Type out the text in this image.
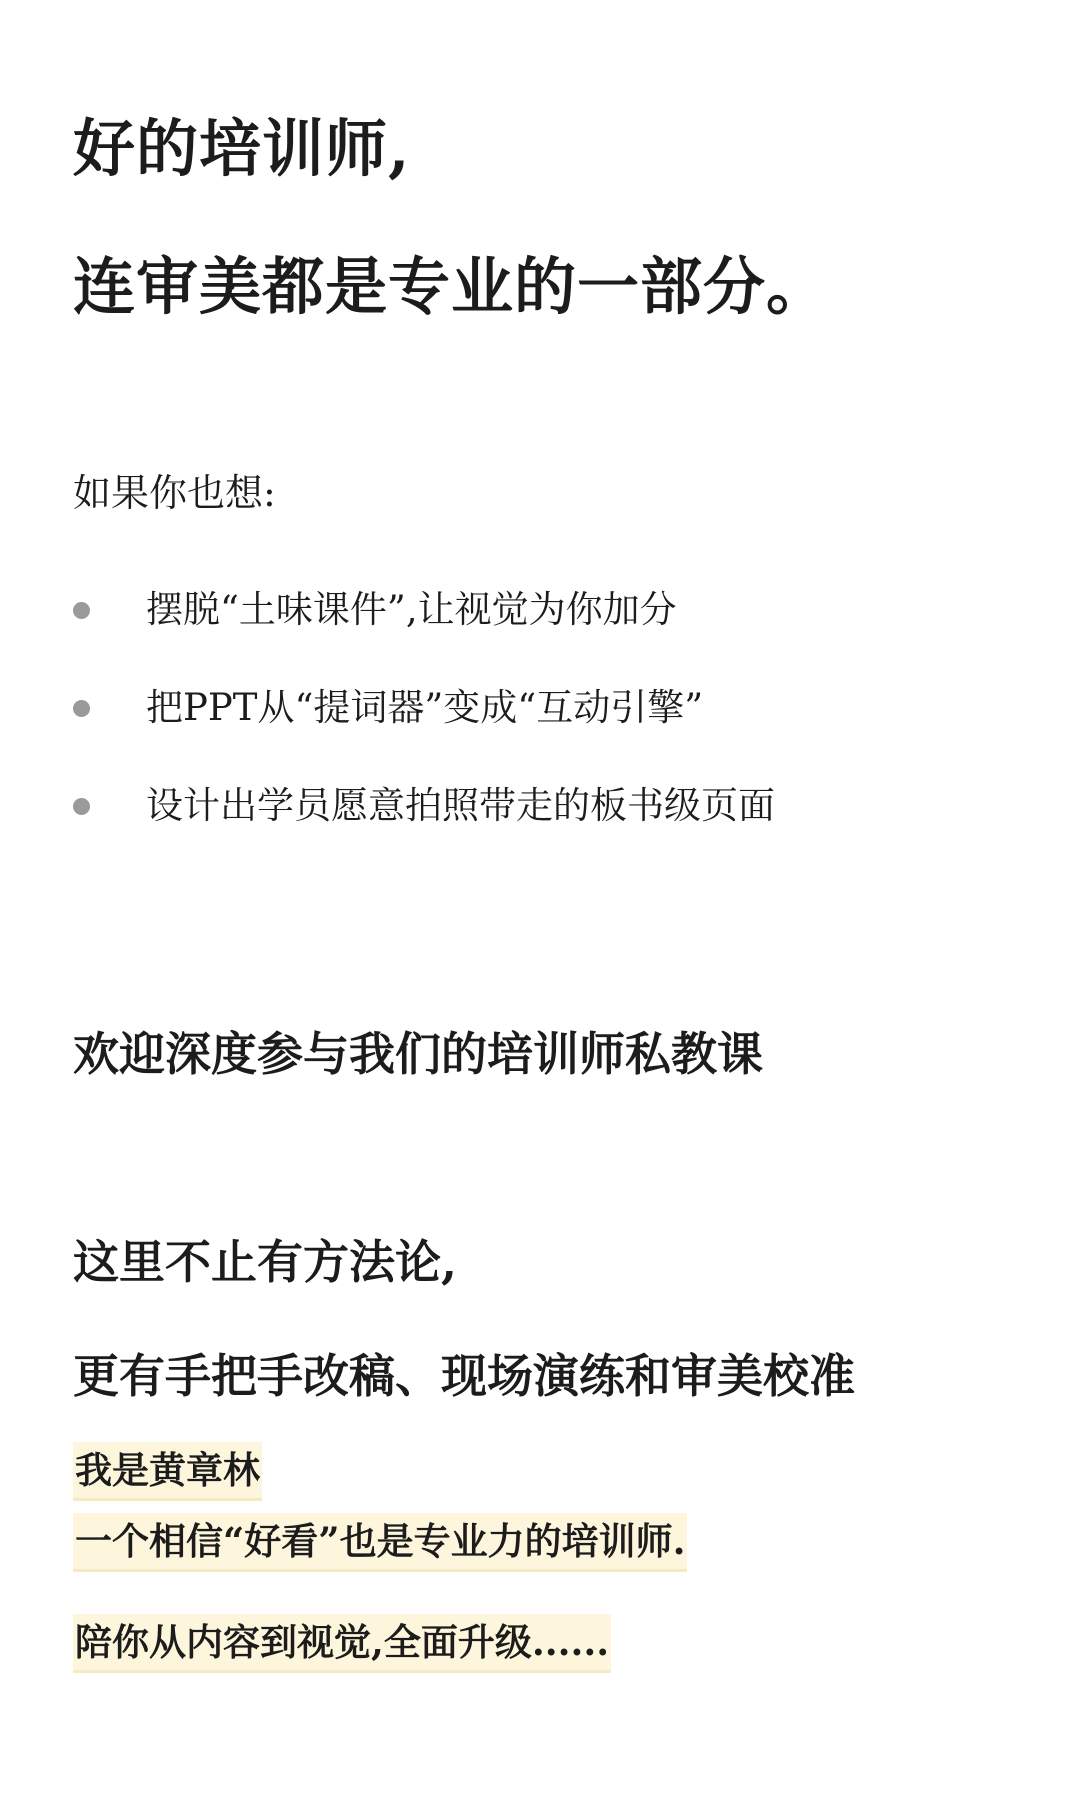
好的培训师,
连审美都是专业的一部分。

如果你也想:

摆脱“土味课件”,让视觉为你加分
把PPT从“提词器”变成“互动引擎”
设计出学员愿意拍照带走的板书级页面
欢迎深度参与我们的培训师私教课
这里不止有方法论,
更有手把手改稿、现场演练和审美校准
我是黄章林
一个相信“好看”也是专业力的培训师.
陪你从内容到视觉,全面升级......
